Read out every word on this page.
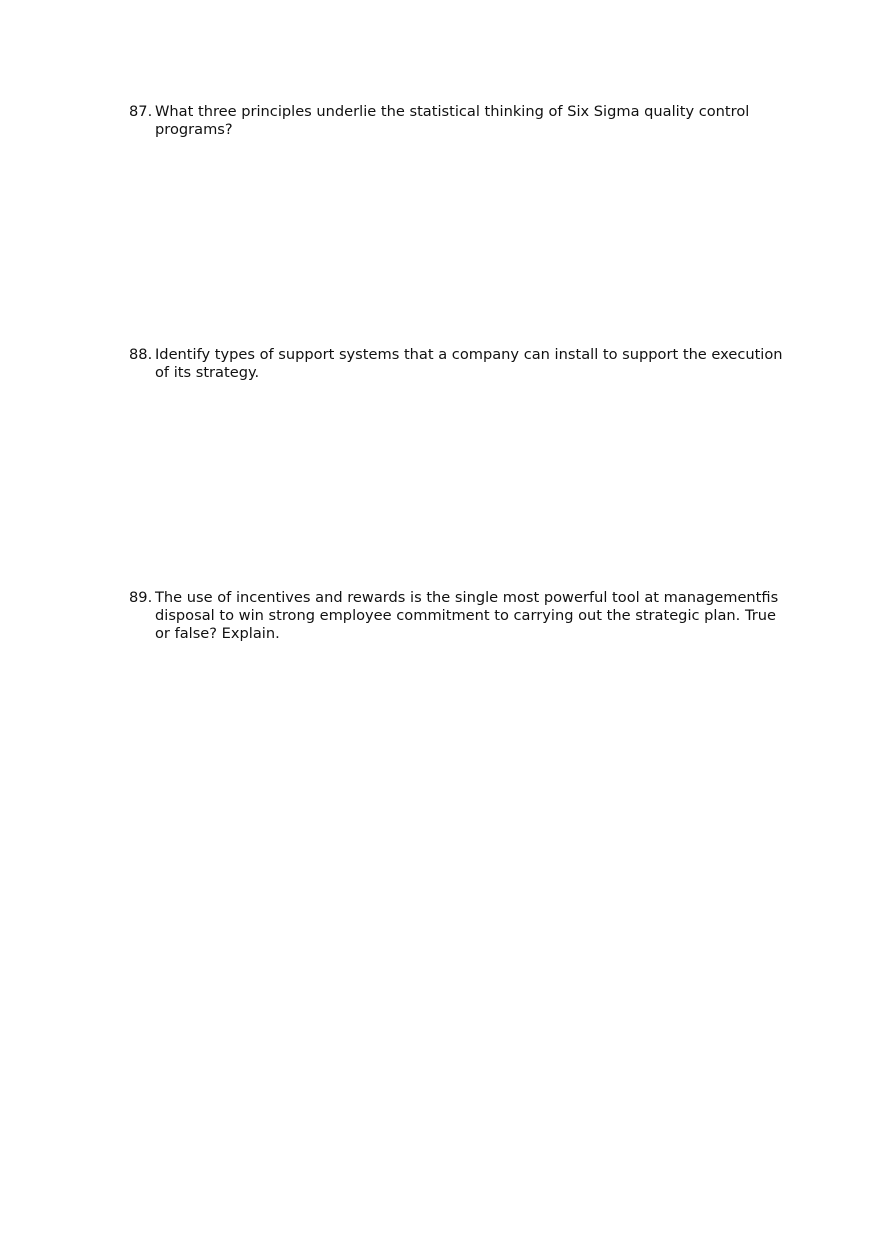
87. What three principles underlie the statistical thinking of Six Sigma quality control
programs?
88. Identify types of support systems that a company can install to support the execution
of its strategy.
89. The use of incentives and rewards is the single most powerful tool at managementfis
disposal to win strong employee commitment to carrying out the strategic plan. True
or false? Explain.
